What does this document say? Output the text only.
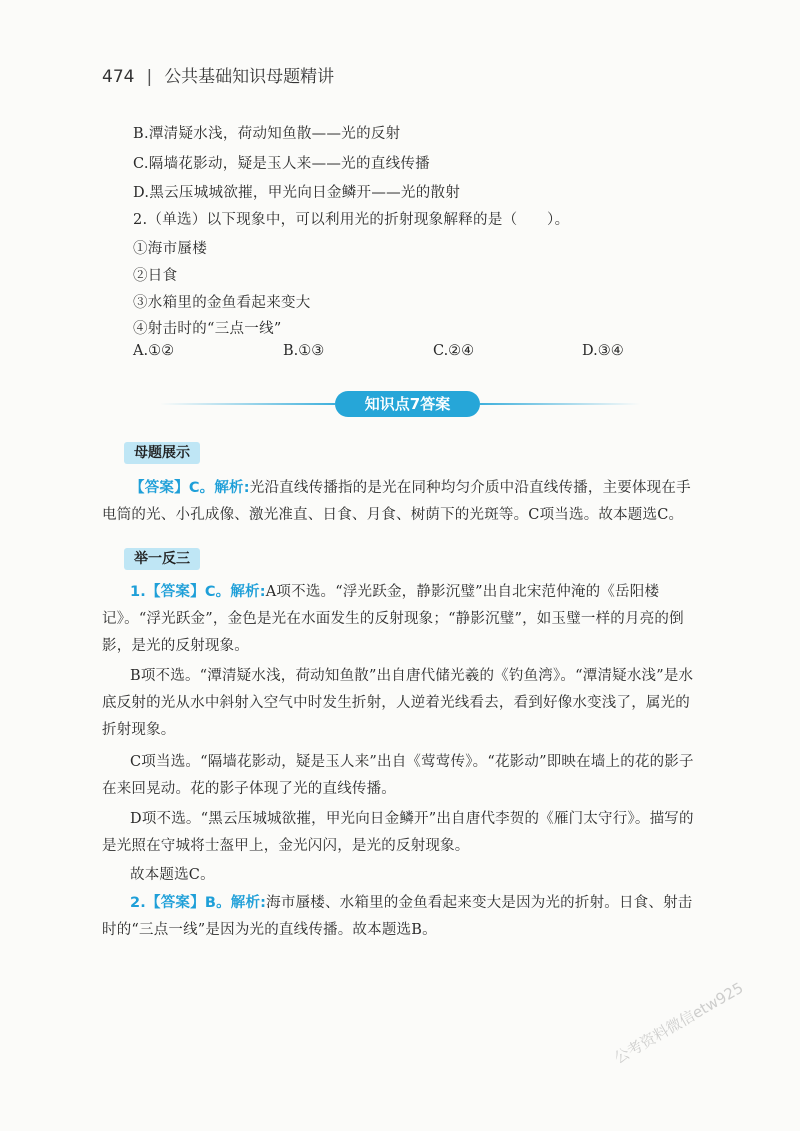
474 | 公共基础知识母题精讲
B.潭清疑水浅，荷动知鱼散——光的反射
C.隔墙花影动，疑是玉人来——光的直线传播
D.黑云压城城欲摧，甲光向日金鳞开——光的散射
2.（单选）以下现象中，可以利用光的折射现象解释的是（　　）。
①海市蜃楼
②日食
③水箱里的金鱼看起来变大
④射击时的“三点一线”
A.①②	B.①③	C.②④	D.③④
知识点7答案
母题展示
【答案】C。解析:光沿直线传播指的是光在同种均匀介质中沿直线传播，主要体现在手电筒的光、小孔成像、激光准直、日食、月食、树荫下的光斑等。C项当选。故本题选C。
举一反三
1.【答案】C。解析:A项不选。“浮光跃金，静影沉璧”出自北宋范仲淹的《岳阳楼记》。“浮光跃金”，金色是光在水面发生的反射现象；“静影沉璧”，如玉璧一样的月亮的倒影，是光的反射现象。
B项不选。“潭清疑水浅，荷动知鱼散”出自唐代储光羲的《钓鱼湾》。“潭清疑水浅”是水底反射的光从水中斜射入空气中时发生折射，人逆着光线看去，看到好像水变浅了，属光的折射现象。
C项当选。“隔墙花影动，疑是玉人来”出自《莺莺传》。“花影动”即映在墙上的花的影子在来回晃动。花的影子体现了光的直线传播。
D项不选。“黑云压城城欲摧，甲光向日金鳞开”出自唐代李贺的《雁门太守行》。描写的是光照在守城将士盔甲上，金光闪闪，是光的反射现象。
故本题选C。
2.【答案】B。解析:海市蜃楼、水箱里的金鱼看起来变大是因为光的折射。日食、射击时的“三点一线”是因为光的直线传播。故本题选B。
公考资料微信etw925
